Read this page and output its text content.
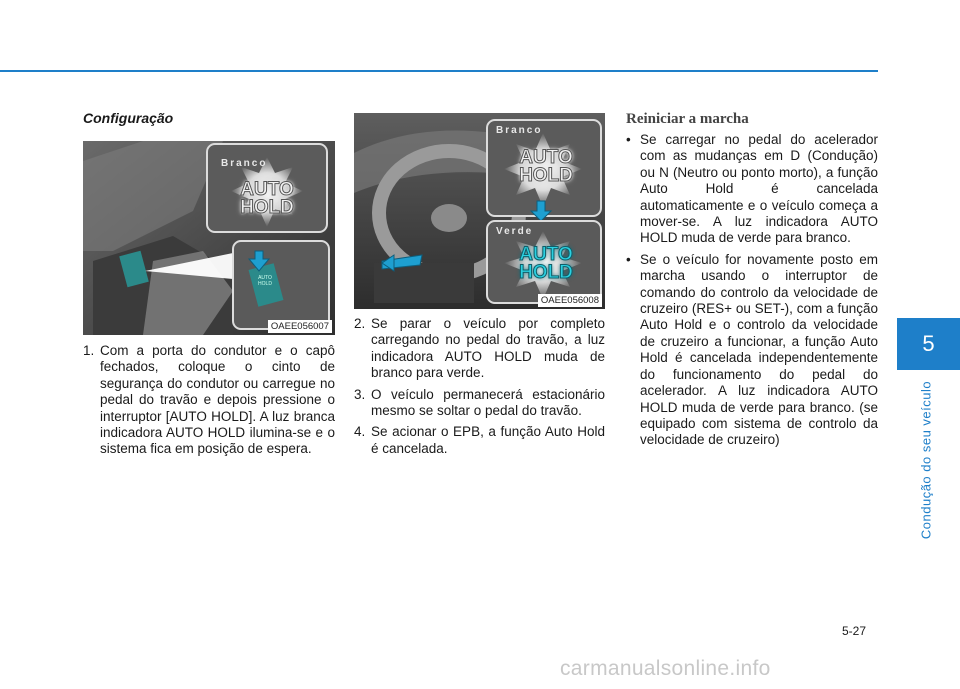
5
Condução do seu veículo
Configuração
Branco
AUTO HOLD
AUTO HOLD
OAEE056007
1. Com a porta do condutor e o capô fechados, coloque o cinto de segurança do condutor ou carregue no pedal do travão e depois pressione o interruptor [AUTO HOLD]. A luz branca indicadora AUTO HOLD ilumina-se e o sistema fica em posição de espera.
Branco
AUTO HOLD
Verde
AUTO HOLD
OAEE056008
2. Se parar o veículo por completo carregando no pedal do travão, a luz indicadora AUTO HOLD muda de branco para verde.
3. O veículo permanecerá estacionário mesmo se soltar o pedal do travão.
4. Se acionar o EPB, a função Auto Hold é cancelada.
Reiniciar a marcha
• Se carregar no pedal do acelerador com as mudanças em D (Condução) ou N (Neutro ou ponto morto), a função Auto Hold é cancelada automaticamente e o veículo começa a mover-se. A luz indicadora AUTO HOLD muda de verde para branco.
• Se o veículo for novamente posto em marcha usando o interruptor de comando do controlo da velocidade de cruzeiro (RES+ ou SET-), com a função Auto Hold e o controlo da velocidade de cruzeiro a funcionar, a função Auto Hold é cancelada independentemente do funcionamento do pedal do acelerador. A luz indicadora AUTO HOLD muda de verde para branco. (se equipado com sistema de controlo da velocidade de cruzeiro)
5-27
carmanualsonline.info
